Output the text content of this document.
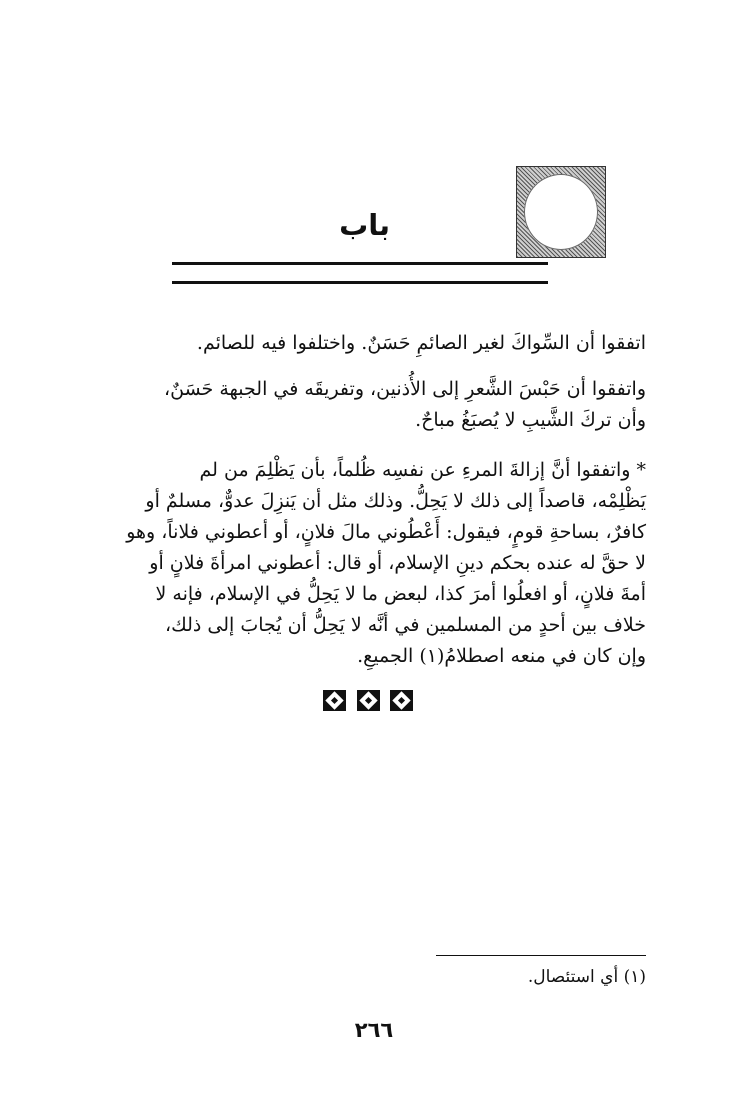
باب
اتفقوا أن السِّواكَ لغير الصائمِ حَسَنٌ. واختلفوا فيه للصائم.
واتفقوا أن حَبْسَ الشَّعرِ إلى الأُذنين، وتفريقَه في الجبهة حَسَنٌ،
وأن تركَ الشَّيبِ لا يُصبَغُ مباحٌ.
* واتفقوا أنَّ إزالةَ المرءِ عن نفسِه ظُلماً، بأن يَظْلِمَ من لم
يَظْلِمْه، قاصداً إلى ذلك لا يَحِلُّ. وذلك مثل أن يَنزِلَ عدوٌّ، مسلمٌ أو
كافرٌ، بساحةِ قومٍ، فيقول: أَعْطُوني مالَ فلانٍ، أو أعطوني فلاناً، وهو
لا حقَّ له عنده بحكم دينِ الإسلام، أو قال: أعطوني امرأةَ فلانٍ أو
أمةَ فلانٍ، أو افعلُوا أمرَ كذا، لبعض ما لا يَحِلُّ في الإسلام، فإنه لا
خلاف بين أحدٍ من المسلمين في أنَّه لا يَحِلُّ أن يُجابَ إلى ذلك،
وإن كان في منعه اصطلامُ(١) الجميعِ.
(١) أي استئصال.
٢٦٦
